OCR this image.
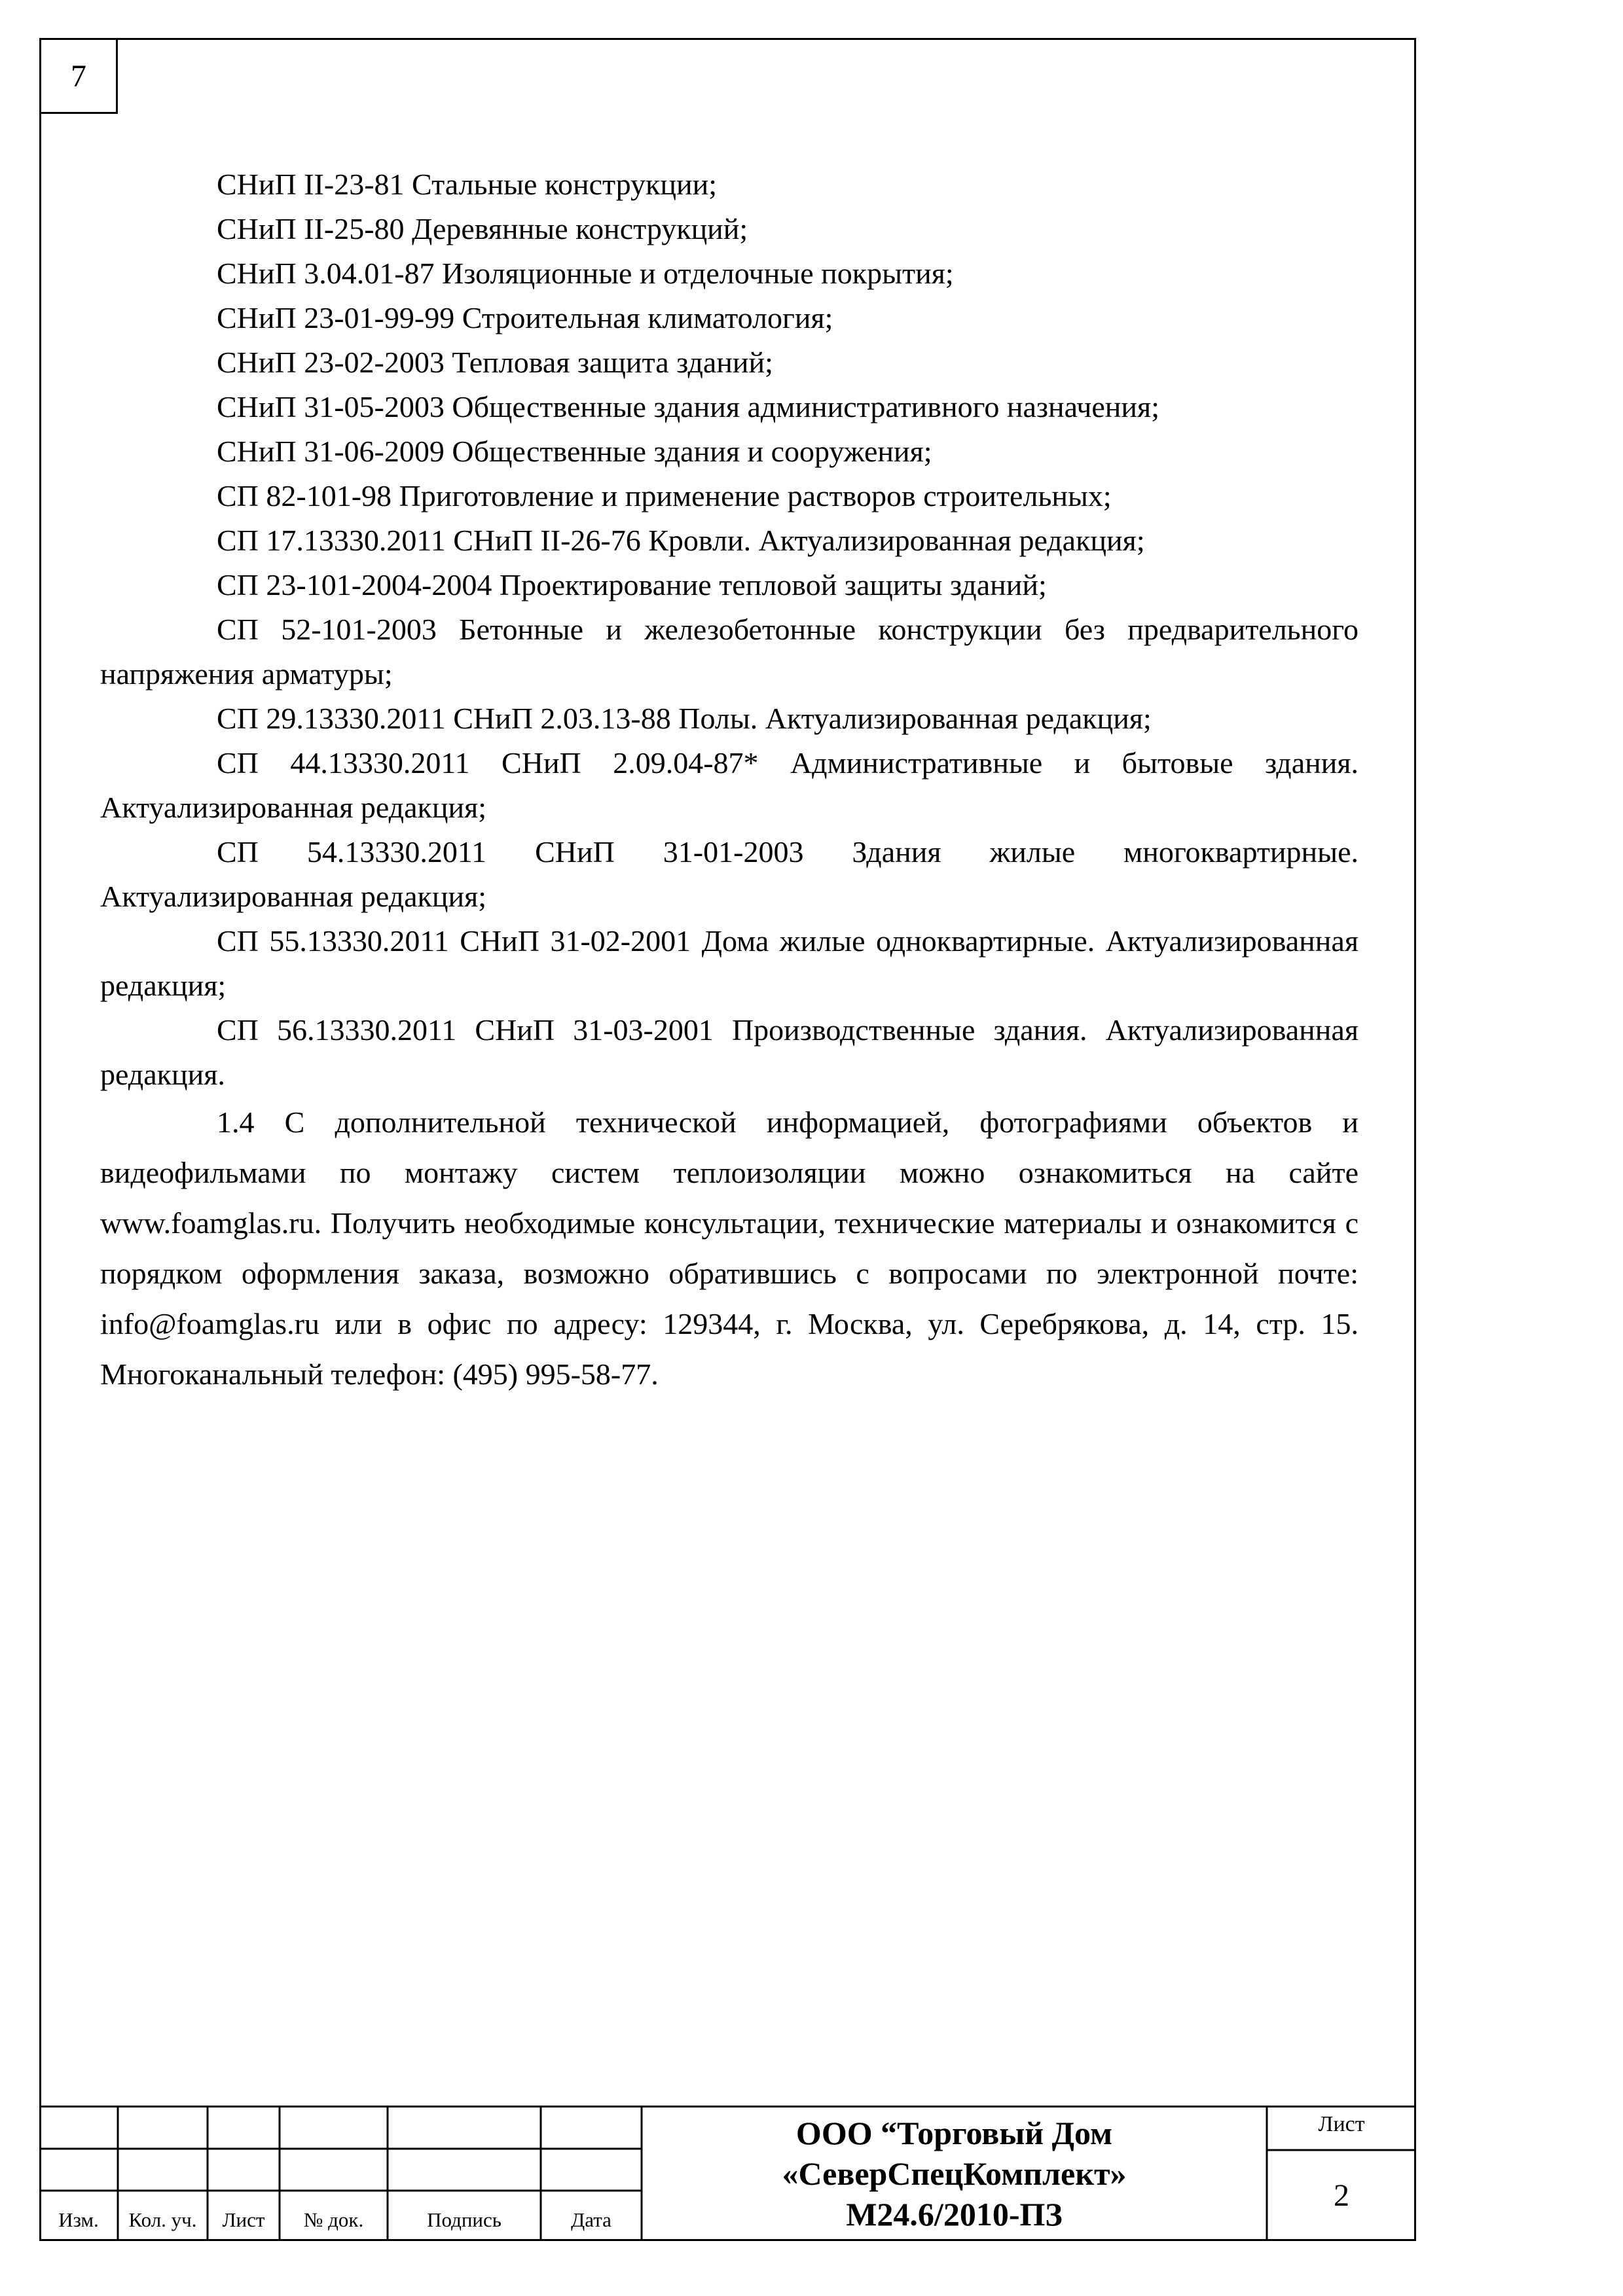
7

СНиП II-23-81 Стальные конструкции;

СНиП II-25-80 Деревянные конструкций;

СНиП 3.04.01-87 Изоляционные и отделочные покрытия;

СНиП 23-01-99-99 Строительная климатология;

СНиП 23-02-2003 Тепловая защита зданий;

СНиП 31-05-2003 Общественные здания административного назначения;

СНиП 31-06-2009 Общественные здания и сооружения;

СП 82-101-98 Приготовление и применение растворов строительных;

СП 17.13330.2011 СНиП II-26-76 Кровли. Актуализированная редакция;

СП 23-101-2004-2004 Проектирование тепловой защиты зданий;

СП 52-101-2003 Бетонные и железобетонные конструкции без предварительного напряжения арматуры;

СП 29.13330.2011 СНиП 2.03.13-88 Полы. Актуализированная редакция;

СП 44.13330.2011 СНиП 2.09.04-87* Административные и бытовые здания. Актуализированная редакция;

СП 54.13330.2011 СНиП 31-01-2003 Здания жилые многоквартирные. Актуализированная редакция;

СП 55.13330.2011 СНиП 31-02-2001 Дома жилые одноквартирные. Актуализированная редакция;

СП 56.13330.2011 СНиП 31-03-2001 Производственные здания. Актуализированная редакция.

1.4 С дополнительной технической информацией, фотографиями объектов и видеофильмами по монтажу систем теплоизоляции можно ознакомиться на сайте www.foamglas.ru. Получить необходимые консультации, технические материалы и ознакомится с порядком оформления заказа, возможно обратившись с вопросами по электронной почте: info@foamglas.ru или в офис по адресу: 129344, г. Москва, ул. Серебрякова, д. 14, стр. 15. Многоканальный телефон: (495) 995-58-77.

Изм.	Кол. уч.	Лист	№ док.	Подпись	Дата
ООО “Торговый Дом
«СеверСпецКомплект»
М24.6/2010-ПЗ
Лист
2
